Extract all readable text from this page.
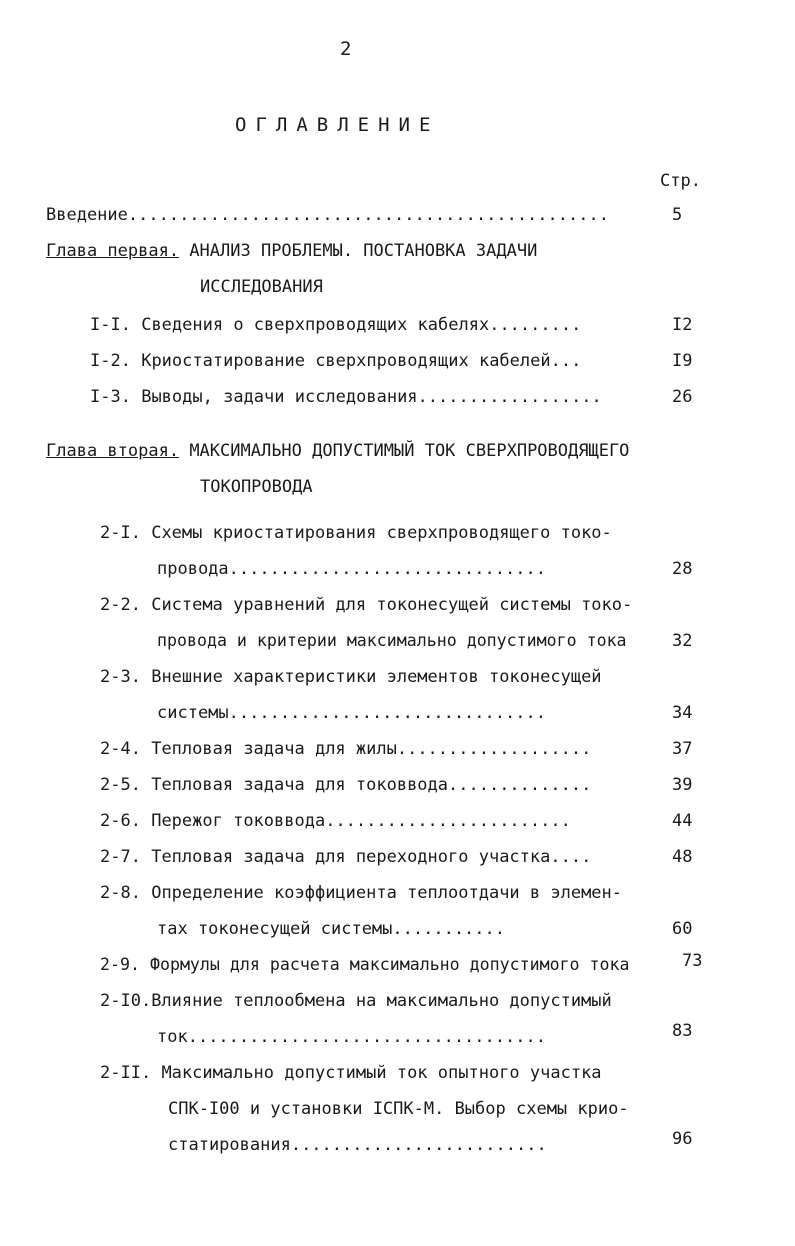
2
ОГЛАВЛЕНИЕ
Стр.
Введение...............................................	5
Глава первая. АНАЛИЗ ПРОБЛЕМЫ. ПОСТАНОВКА ЗАДАЧИ
ИССЛЕДОВАНИЯ
I-I. Сведения о сверхпроводящих кабелях.........	I2
I-2. Криостатирование сверхпроводящих кабелей...	I9
I-3. Выводы, задачи исследования..................	26
Глава вторая. МАКСИМАЛЬНО ДОПУСТИМЫЙ ТОК СВЕРХПРОВОДЯЩЕГО
ТОКОПРОВОДА
2-I. Схемы криостатирования сверхпроводящего токо-
провода...............................	28
2-2. Система уравнений для токонесущей системы токо-
провода и критерии максимально допустимого тока	32
2-3. Внешние характеристики элементов токонесущей
системы...............................	34
2-4. Тепловая задача для жилы...................	37
2-5. Тепловая задача для токоввода..............	39
2-6. Пережог токоввода........................	44
2-7. Тепловая задача для переходного участка....	48
2-8. Определение коэффициента теплоотдачи в элемен-
тах токонесущей системы...........	60
2-9. Формулы для расчета максимально допустимого тока	73
2-I0.Влияние теплообмена на максимально допустимый
ток...................................	83
2-II. Максимально допустимый ток опытного участка
СПК-I00 и установки IСПК-М. Выбор схемы крио-
статирования.........................	96
